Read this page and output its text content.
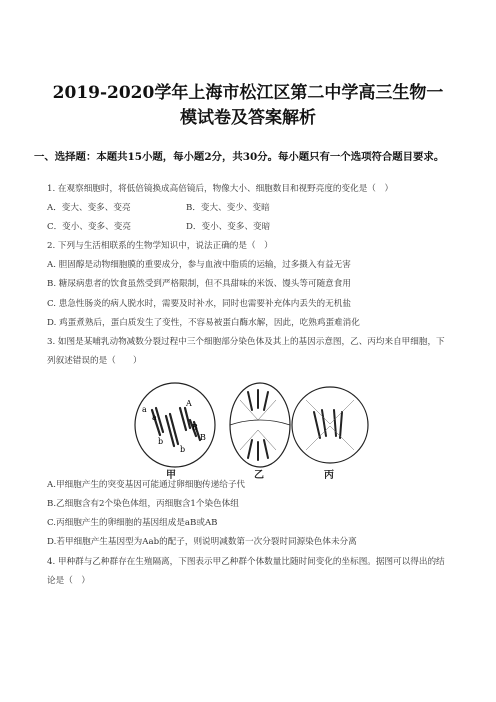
2019-2020学年上海市松江区第二中学高三生物一
模试卷及答案解析
一、选择题：本题共15小题，每小题2分，共30分。每小题只有一个选项符合题目要求。
1. 在观察细胞时，将低倍镜换成高倍镜后，物像大小、细胞数目和视野亮度的变化是（　）
A．变大、变多、变亮	B．变大、变少、变暗
C．变小、变多、变亮	D．变小、变多、变暗
2. 下列与生活相联系的生物学知识中，说法正确的是（　）
A. 胆固醇是动物细胞膜的重要成分，参与血液中脂质的运输，过多摄入有益无害
B. 糖尿病患者的饮食虽然受到严格限制，但不具甜味的米饭、馒头等可随意食用
C. 患急性肠炎的病人脱水时，需要及时补水，同时也需要补充体内丢失的无机盐
D. 鸡蛋煮熟后，蛋白质发生了变性，不容易被蛋白酶水解，因此，吃熟鸡蛋难消化
3. 如图是某哺乳动物减数分裂过程中三个细胞部分染色体及其上的基因示意图，乙、丙均来自甲细胞，下
列叙述错误的是（　　）
a
a
A
B
B
b
b
甲	乙	丙
A.甲细胞产生的突变基因可能通过卵细胞传递给子代
B.乙细胞含有2个染色体组，丙细胞含1个染色体组
C.丙细胞产生的卵细胞的基因组成是aB或AB
D.若甲细胞产生基因型为Aab的配子，则说明减数第一次分裂时同源染色体未分离
4. 甲种群与乙种群存在生殖隔离，下图表示甲乙种群个体数量比随时间变化的坐标图。据图可以得出的结
论是（　）
